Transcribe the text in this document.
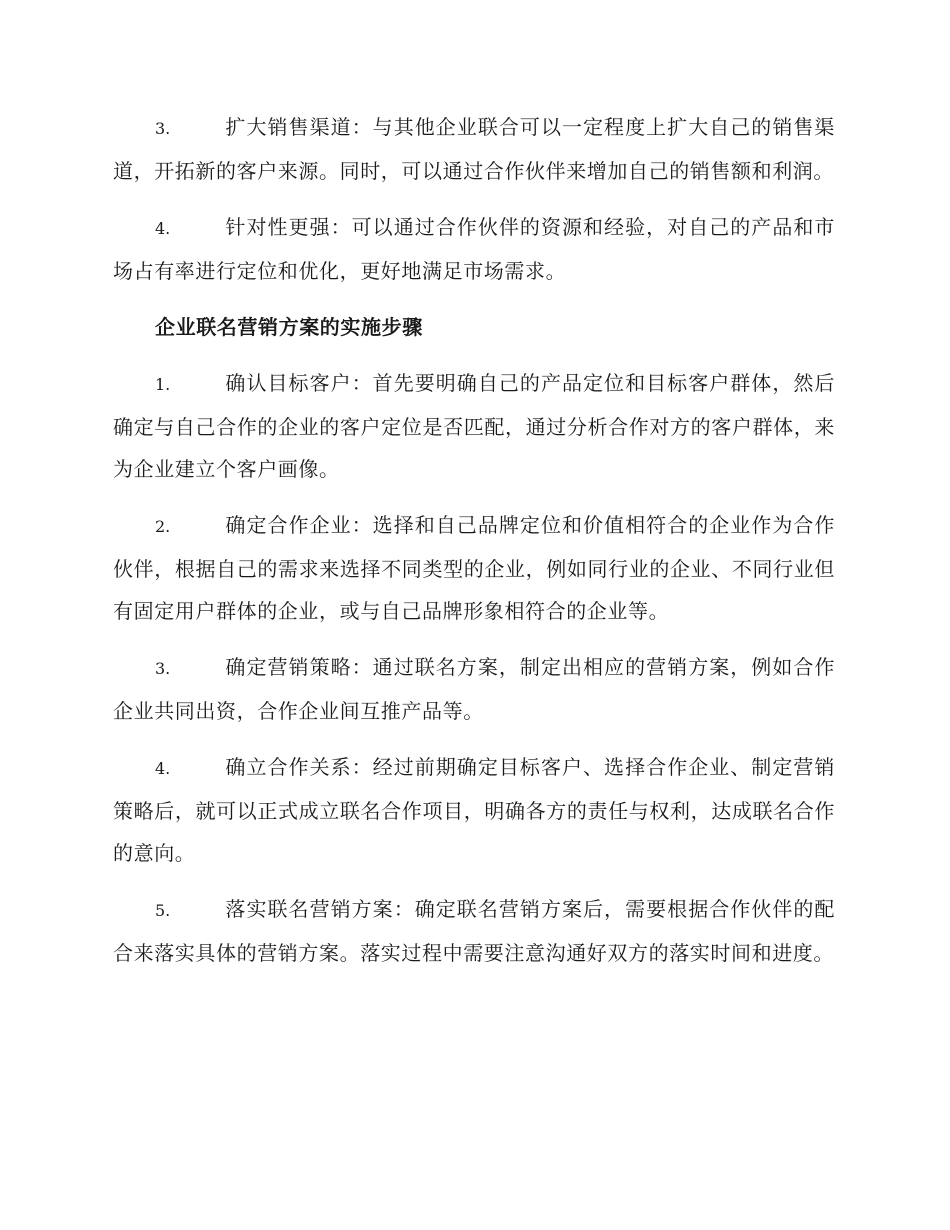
3.	扩大销售渠道：与其他企业联合可以一定程度上扩大自己的销售渠道，开拓新的客户来源。同时，可以通过合作伙伴来增加自己的销售额和利润。

4.	针对性更强：可以通过合作伙伴的资源和经验，对自己的产品和市场占有率进行定位和优化，更好地满足市场需求。

企业联名营销方案的实施步骤

1.	确认目标客户：首先要明确自己的产品定位和目标客户群体，然后确定与自己合作的企业的客户定位是否匹配，通过分析合作对方的客户群体，来为企业建立个客户画像。

2.	确定合作企业：选择和自己品牌定位和价值相符合的企业作为合作伙伴，根据自己的需求来选择不同类型的企业，例如同行业的企业、不同行业但有固定用户群体的企业，或与自己品牌形象相符合的企业等。

3.	确定营销策略：通过联名方案，制定出相应的营销方案，例如合作企业共同出资，合作企业间互推产品等。

4.	确立合作关系：经过前期确定目标客户、选择合作企业、制定营销策略后，就可以正式成立联名合作项目，明确各方的责任与权利，达成联名合作的意向。

5.	落实联名营销方案：确定联名营销方案后，需要根据合作伙伴的配合来落实具体的营销方案。落实过程中需要注意沟通好双方的落实时间和进度。
